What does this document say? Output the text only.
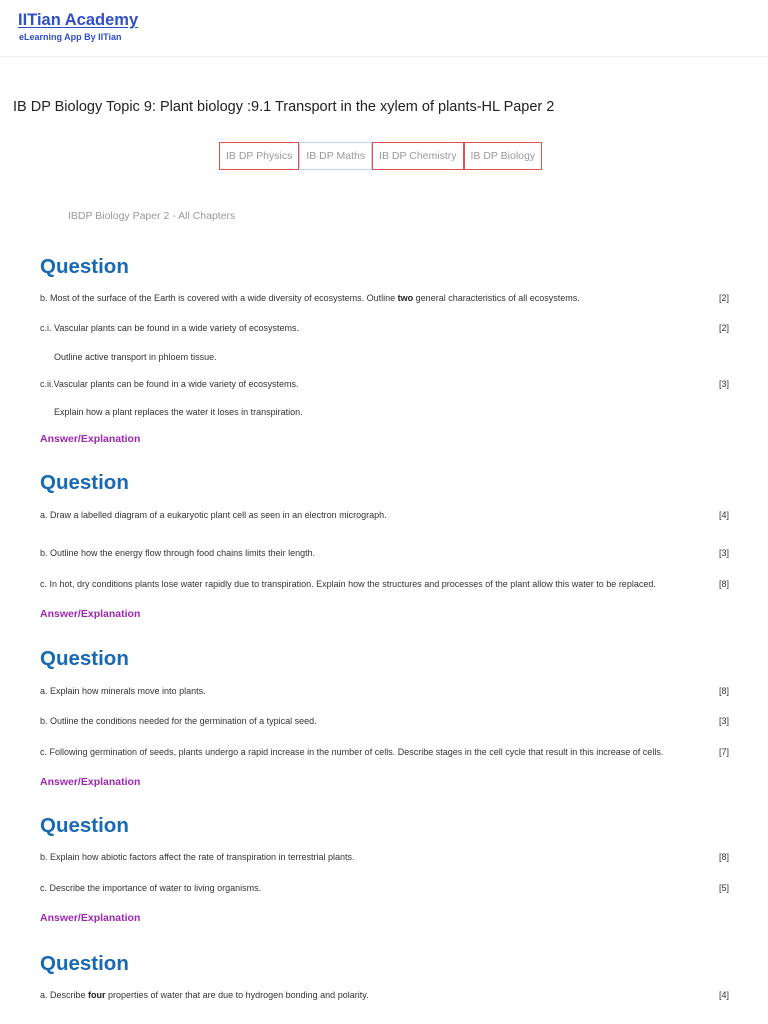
IITian Academy
eLearning App By IITian
IB DP Biology Topic 9: Plant biology :9.1 Transport in the xylem of plants-HL Paper 2
IB DP Physics	IB DP Maths	IB DP Chemistry	IB DP Biology
IBDP Biology Paper 2 - All Chapters
Question
b. Most of the surface of the Earth is covered with a wide diversity of ecosystems. Outline two general characteristics of all ecosystems.	[2]
c.i. Vascular plants can be found in a wide variety of ecosystems.	[2]
Outline active transport in phloem tissue.
c.ii.Vascular plants can be found in a wide variety of ecosystems.	[3]
Explain how a plant replaces the water it loses in transpiration.
Answer/Explanation
Question
a. Draw a labelled diagram of a eukaryotic plant cell as seen in an electron micrograph.	[4]
b. Outline how the energy flow through food chains limits their length.	[3]
c. In hot, dry conditions plants lose water rapidly due to transpiration. Explain how the structures and processes of the plant allow this water to be replaced.	[8]
Answer/Explanation
Question
a. Explain how minerals move into plants.	[8]
b. Outline the conditions needed for the germination of a typical seed.	[3]
c. Following germination of seeds, plants undergo a rapid increase in the number of cells. Describe stages in the cell cycle that result in this increase of cells.	[7]
Answer/Explanation
Question
b. Explain how abiotic factors affect the rate of transpiration in terrestrial plants.	[8]
c. Describe the importance of water to living organisms.	[5]
Answer/Explanation
Question
a. Describe four properties of water that are due to hydrogen bonding and polarity.	[4]
